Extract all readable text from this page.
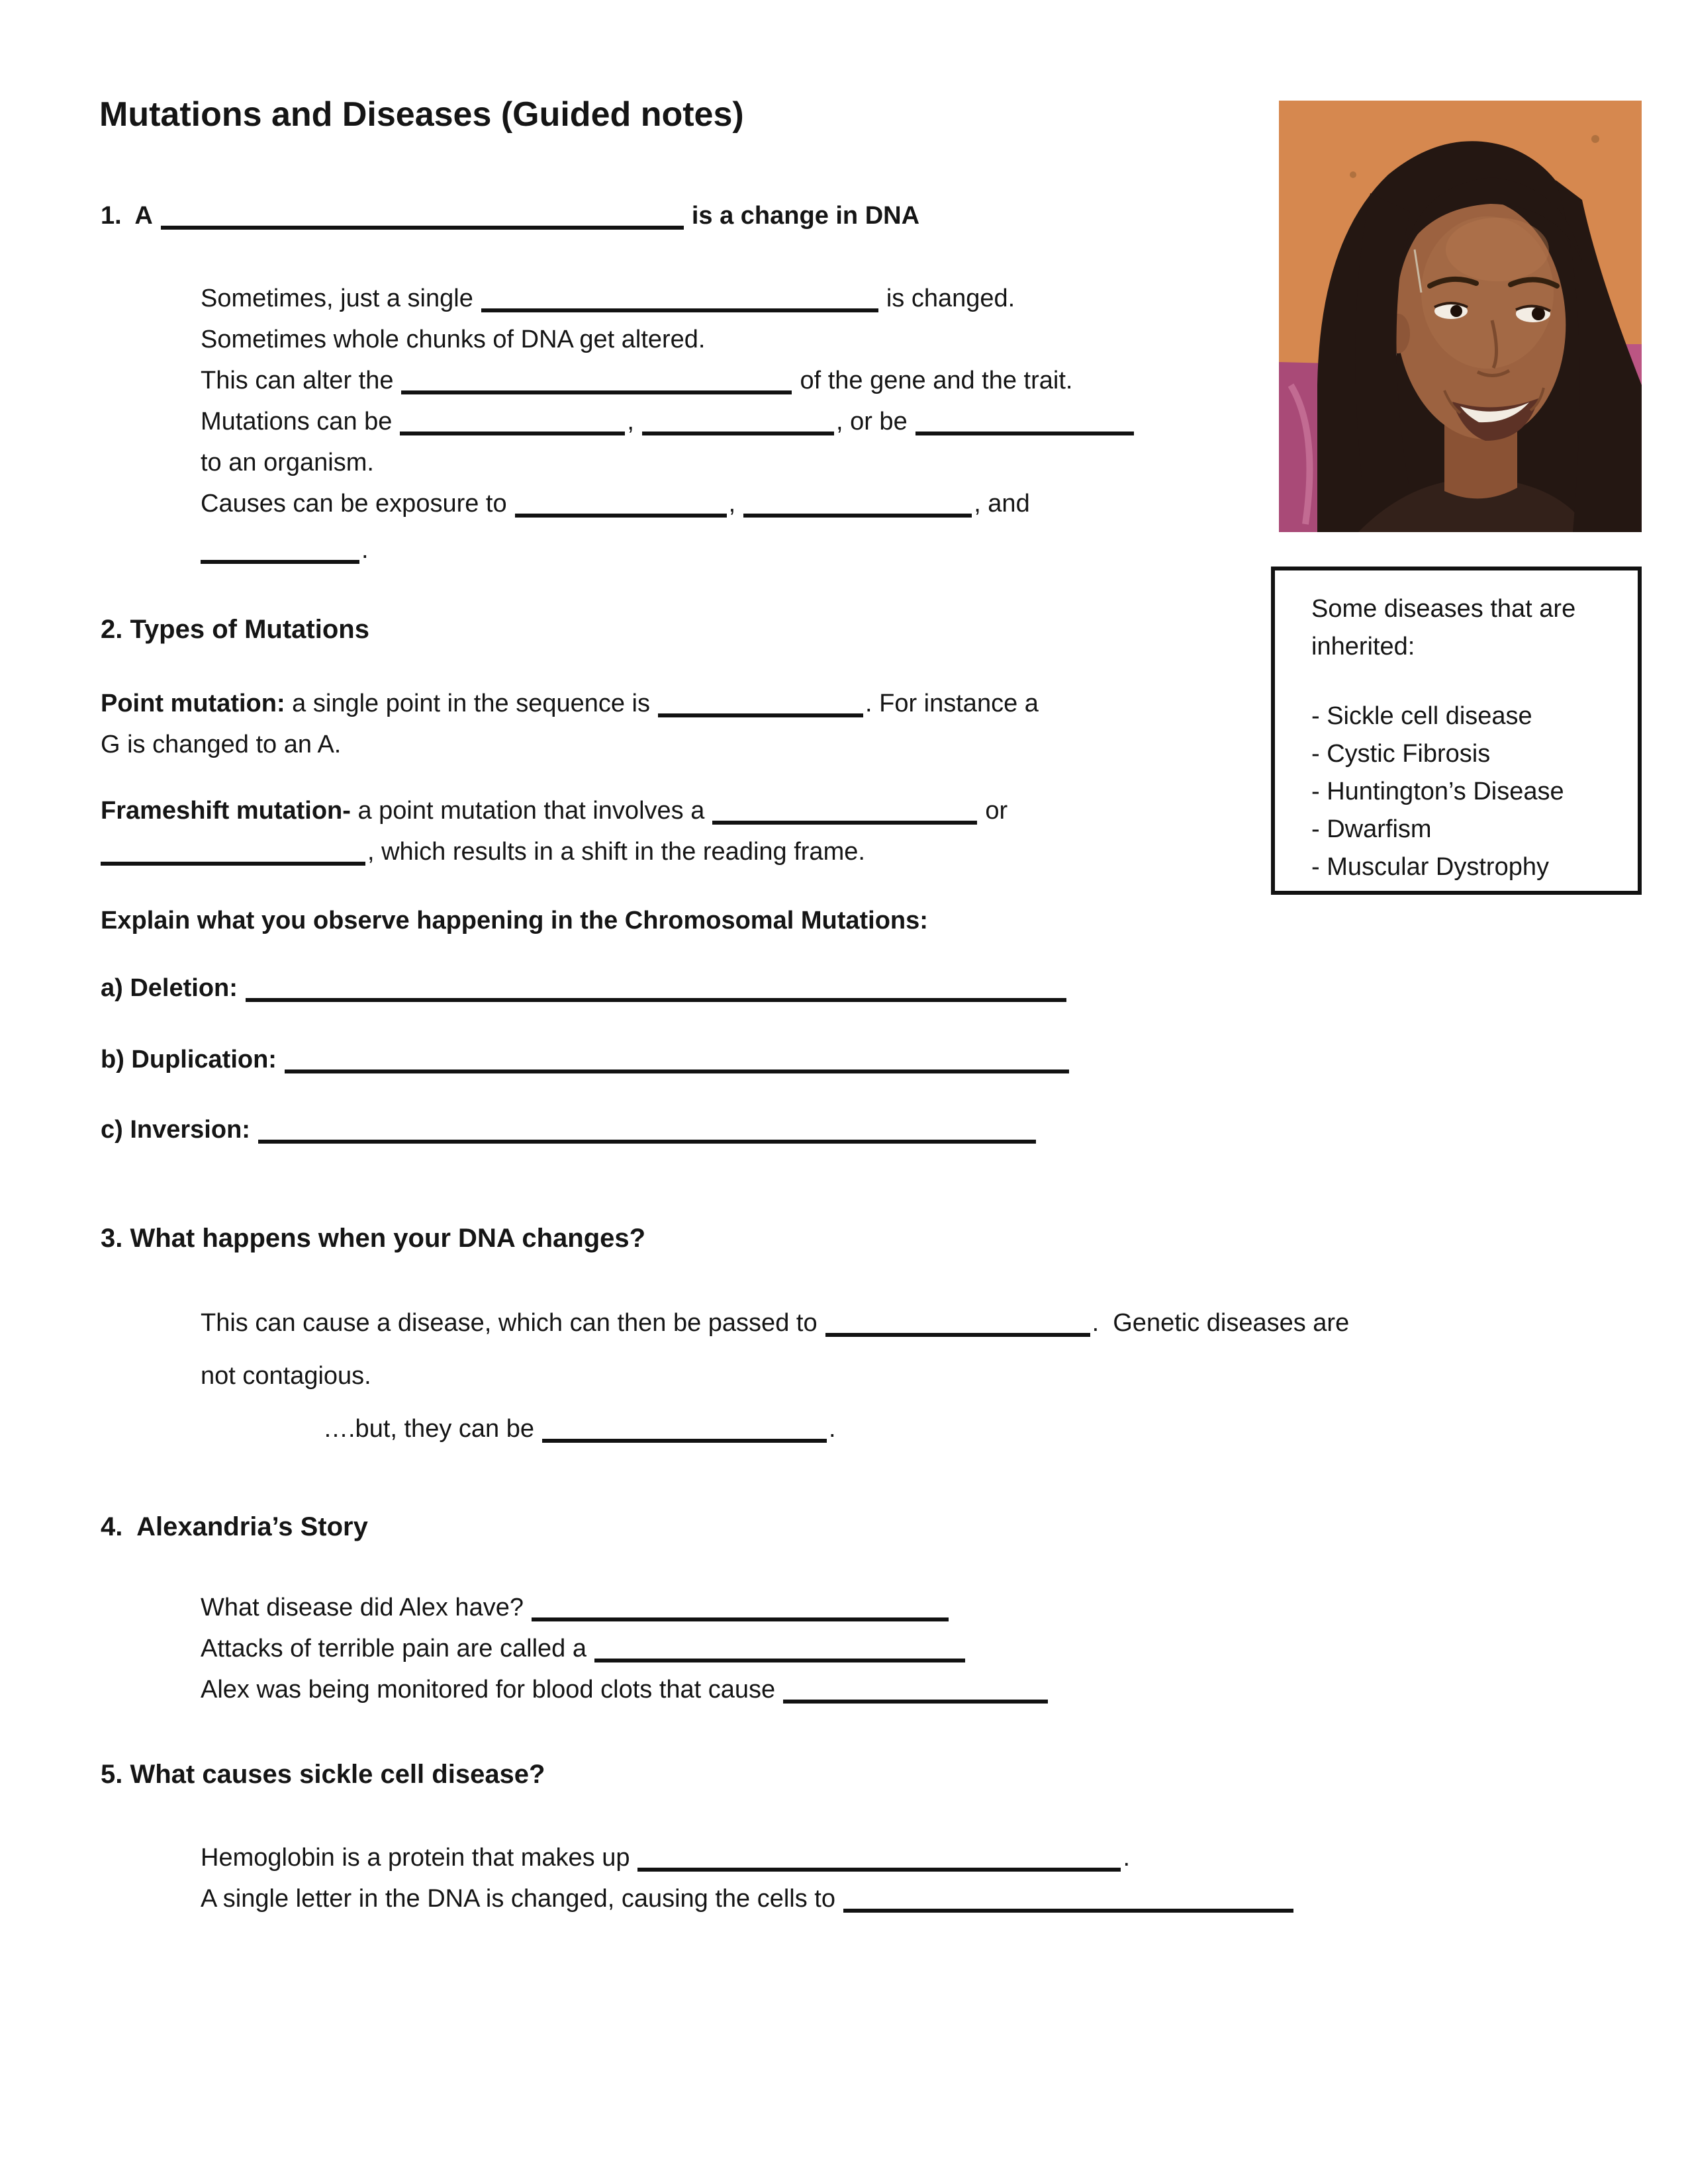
Mutations and Diseases (Guided notes)
1.  A	is a change in DNA
Sometimes, just a single	is changed.
Sometimes whole chunks of DNA get altered.
This can alter the	of the gene and the trait.
Mutations can be	,	, or be
to an organism.
Causes can be exposure to	,	, and
.
2. Types of Mutations
Point mutation: a single point in the sequence is	. For instance a
G is changed to an A.
Frameshift mutation- a point mutation that involves a	or
, which results in a shift in the reading frame.
Explain what you observe happening in the Chromosomal Mutations:
a) Deletion:
b) Duplication:
c) Inversion:
3. What happens when your DNA changes?
This can cause a disease, which can then be passed to	.  Genetic diseases are
not contagious.
….but, they can be	.
4.  Alexandria’s Story
What disease did Alex have?
Attacks of terrible pain are called a
Alex was being monitored for blood clots that cause
5. What causes sickle cell disease?
Hemoglobin is a protein that makes up	.
A single letter in the DNA is changed, causing the cells to
Some diseases that are inherited:
- Sickle cell disease
- Cystic Fibrosis
- Huntington’s Disease
- Dwarfism
- Muscular Dystrophy
